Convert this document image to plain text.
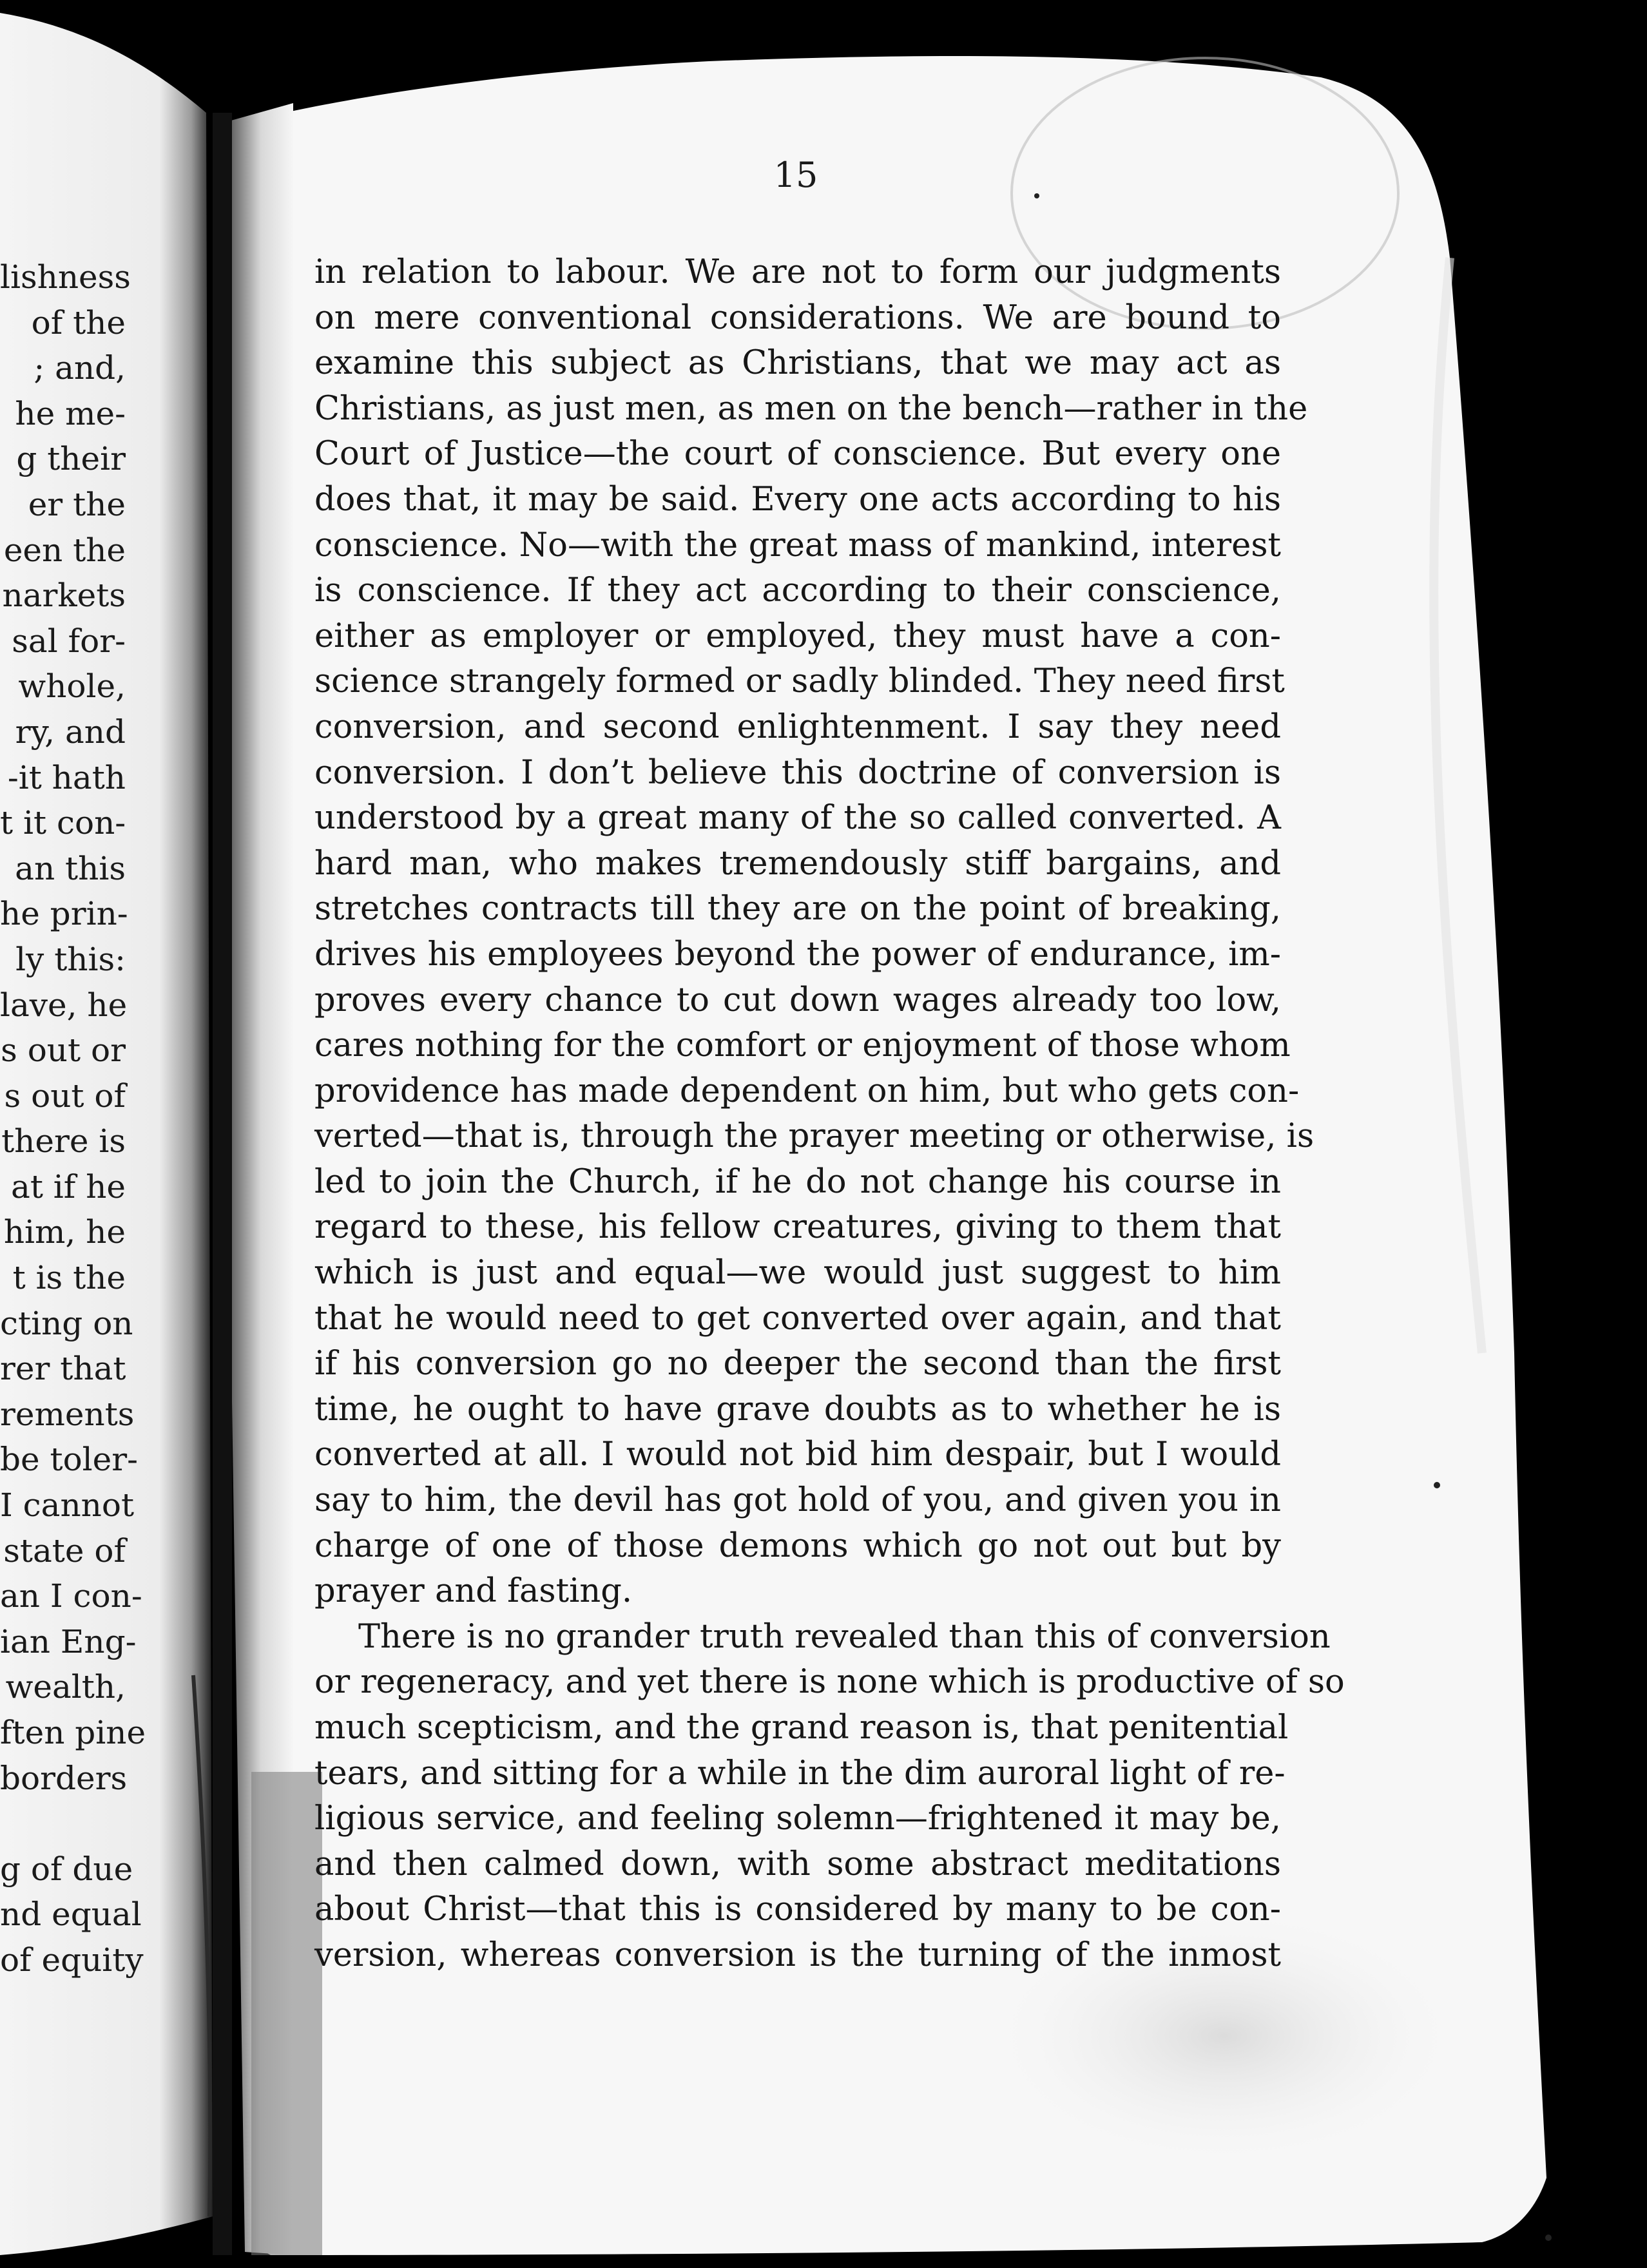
lishness
of the
; and,
he me-
g their
er the
een the
narkets
sal for-
whole,
ry, and
-it hath
t it con-
an this
he prin-
ly this:
lave, he
s out or
s out of
there is
at if he
him, he
t is the
cting on
rer that
rements
be toler-
I cannot
state of
an I con-
ian Eng-
wealth,
ften pine
borders
g of due
nd equal
of equity
15
in relation to labour. We are not to form our judgments
on mere conventional considerations. We are bound to
examine this subject as Christians, that we may act as
Christians, as just men, as men on the bench—rather in the
Court of Justice—the court of conscience. But every one
does that, it may be said. Every one acts according to his
conscience. No—with the great mass of mankind, interest
is conscience. If they act according to their conscience,
either as employer or employed, they must have a con-
science strangely formed or sadly blinded. They need first
conversion, and second enlightenment. I say they need
conversion. I don’t believe this doctrine of conversion is
understood by a great many of the so called converted. A
hard man, who makes tremendously stiff bargains, and
stretches contracts till they are on the point of breaking,
drives his employees beyond the power of endurance, im-
proves every chance to cut down wages already too low,
cares nothing for the comfort or enjoyment of those whom
providence has made dependent on him, but who gets con-
verted—that is, through the prayer meeting or otherwise, is
led to join the Church, if he do not change his course in
regard to these, his fellow creatures, giving to them that
which is just and equal—we would just suggest to him
that he would need to get converted over again, and that
if his conversion go no deeper the second than the first
time, he ought to have grave doubts as to whether he is
converted at all. I would not bid him despair, but I would
say to him, the devil has got hold of you, and given you in
charge of one of those demons which go not out but by
prayer and fasting.
There is no grander truth revealed than this of conversion
or regeneracy, and yet there is none which is productive of so
much scepticism, and the grand reason is, that penitential
tears, and sitting for a while in the dim auroral light of re-
ligious service, and feeling solemn—frightened it may be,
and then calmed down, with some abstract meditations
about Christ—that this is considered by many to be con-
version, whereas conversion is the turning of the inmost
